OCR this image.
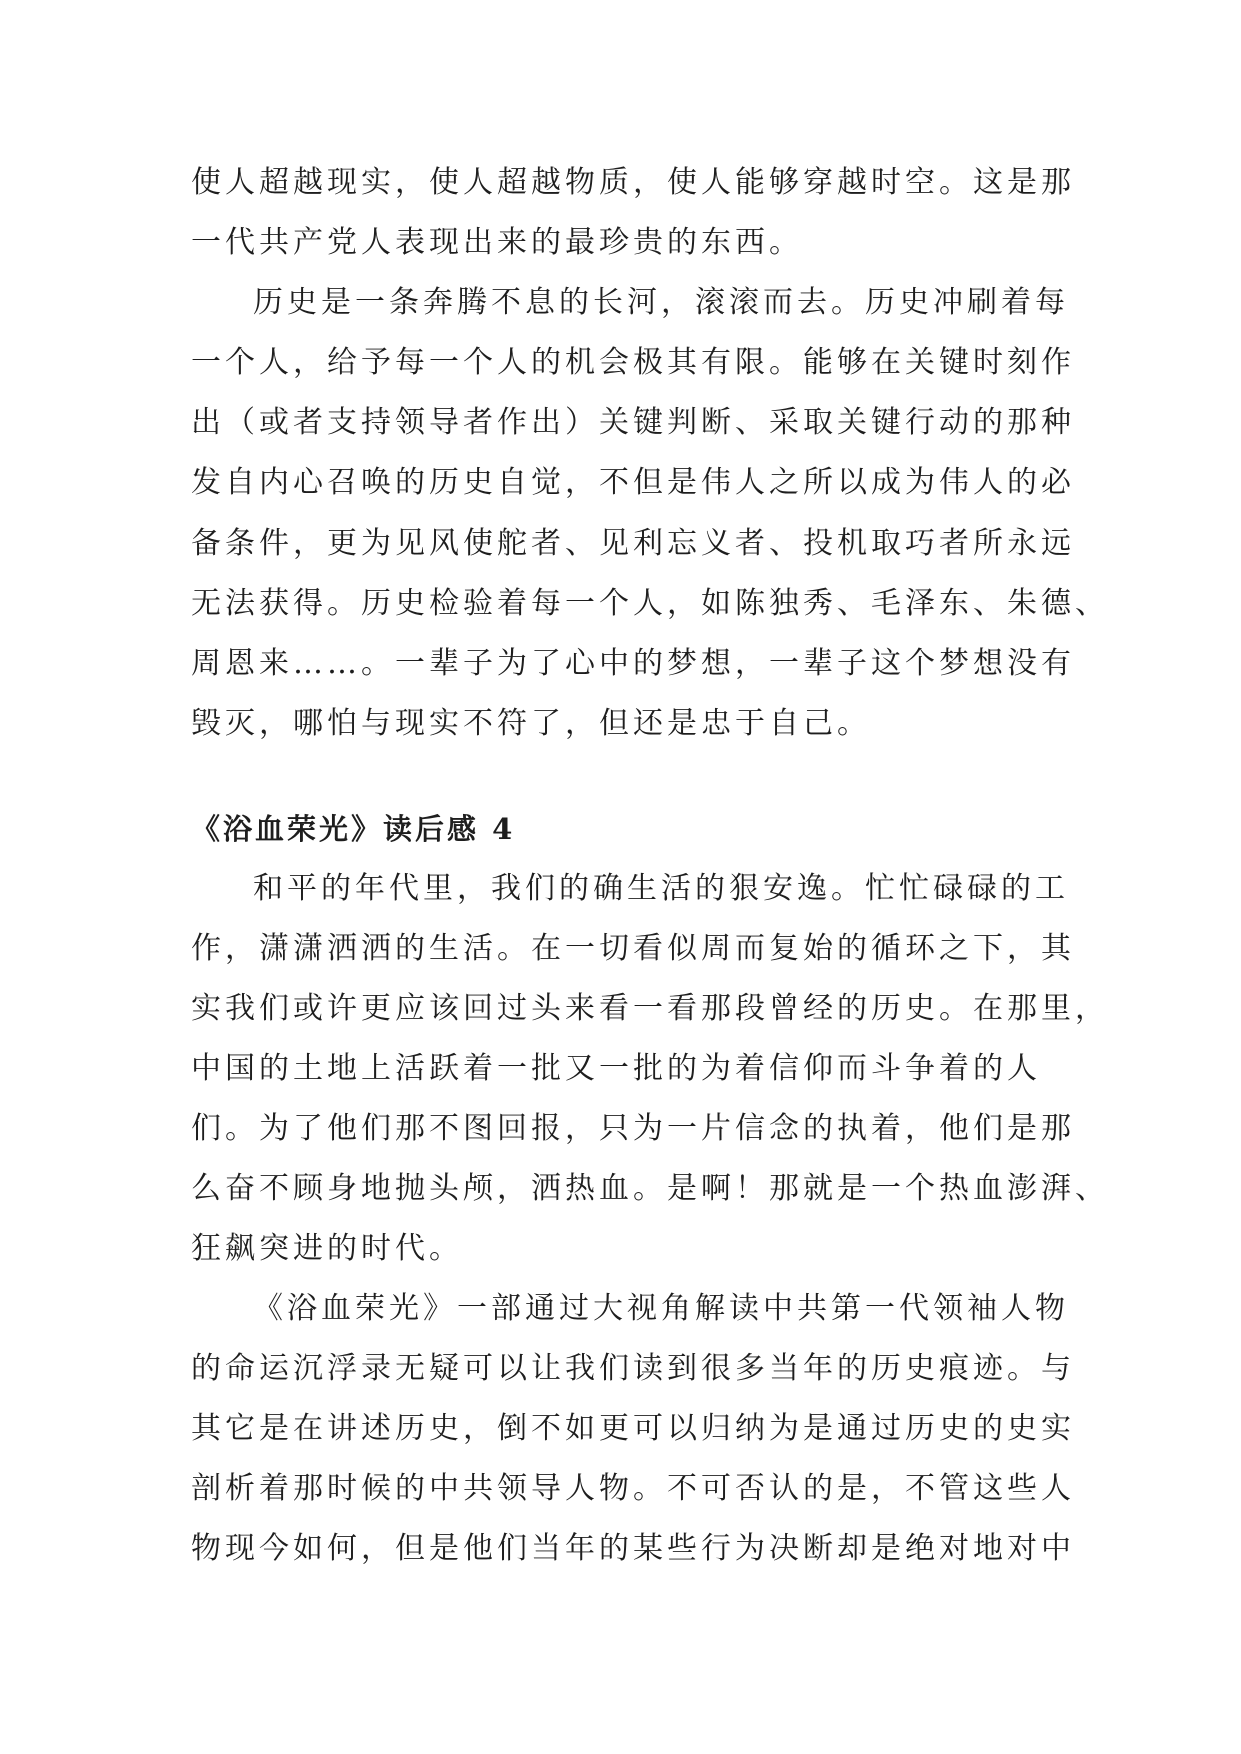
使人超越现实，使人超越物质，使人能够穿越时空。这是那

一代共产党人表现出来的最珍贵的东西。

历史是一条奔腾不息的长河，滚滚而去。历史冲刷着每

一个人，给予每一个人的机会极其有限。能够在关键时刻作

出（或者支持领导者作出）关键判断、采取关键行动的那种

发自内心召唤的历史自觉，不但是伟人之所以成为伟人的必

备条件，更为见风使舵者、见利忘义者、投机取巧者所永远

无法获得。历史检验着每一个人，如陈独秀、毛泽东、朱德、

周恩来……。一辈子为了心中的梦想，一辈子这个梦想没有

毁灭，哪怕与现实不符了，但还是忠于自己。

《浴血荣光》读后感 4

和平的年代里，我们的确生活的狠安逸。忙忙碌碌的工

作，潇潇洒洒的生活。在一切看似周而复始的循环之下，其

实我们或许更应该回过头来看一看那段曾经的历史。在那里，

中国的土地上活跃着一批又一批的为着信仰而斗争着的人

们。为了他们那不图回报，只为一片信念的执着，他们是那

么奋不顾身地抛头颅，洒热血。是啊！那就是一个热血澎湃、

狂飙突进的时代。

《浴血荣光》一部通过大视角解读中共第一代领袖人物

的命运沉浮录无疑可以让我们读到很多当年的历史痕迹。与

其它是在讲述历史，倒不如更可以归纳为是通过历史的史实

剖析着那时候的中共领导人物。不可否认的是，不管这些人

物现今如何，但是他们当年的某些行为决断却是绝对地对中
